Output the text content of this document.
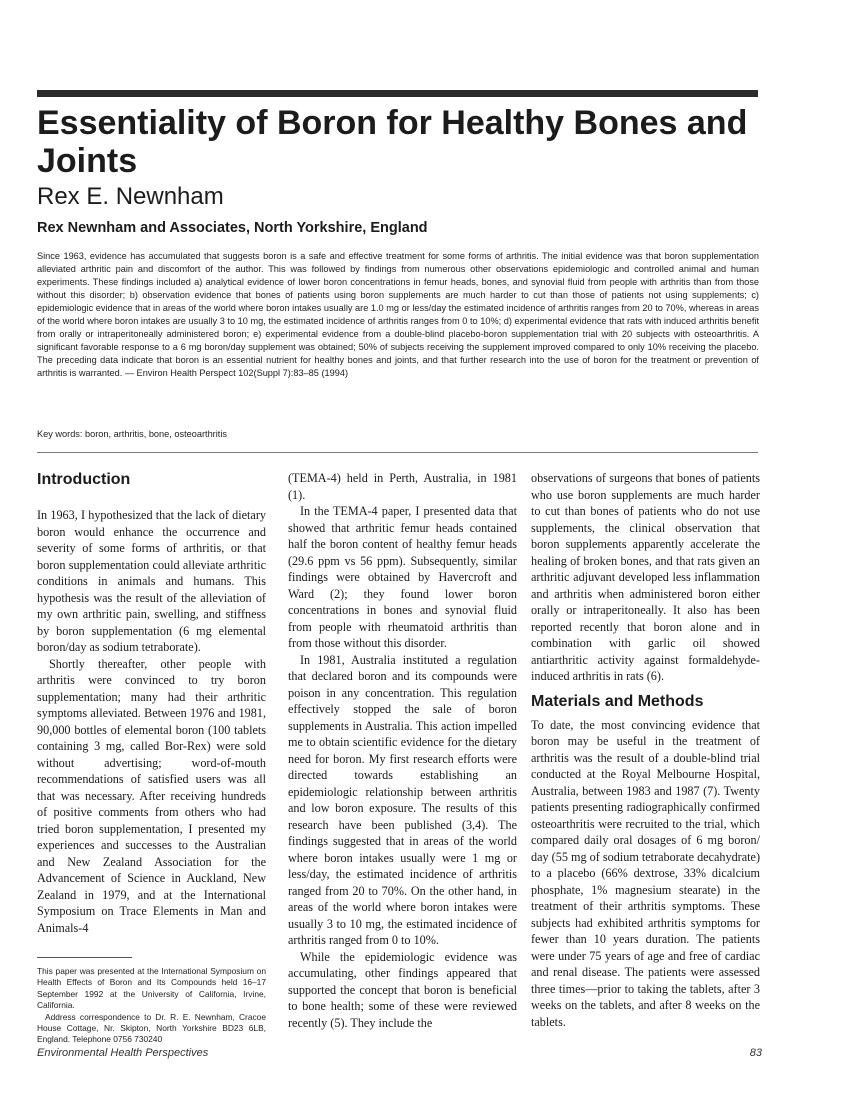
Essentiality of Boron for Healthy Bones and Joints

Rex E. Newnham

Rex Newnham and Associates, North Yorkshire, England

Since 1963, evidence has accumulated that suggests boron is a safe and effective treatment for some forms of arthritis. The initial evidence was that boron supplementation alleviated arthritic pain and discomfort of the author. This was followed by findings from numerous other observations epidemiologic and controlled animal and human experiments. These findings included a) analytical evidence of lower boron concentrations in femur heads, bones, and synovial fluid from people with arthritis than from those without this disorder; b) observation evidence that bones of patients using boron supplements are much harder to cut than those of patients not using supplements; c) epidemiologic evidence that in areas of the world where boron intakes usually are 1.0 mg or less/day the estimated incidence of arthritis ranges from 20 to 70%, whereas in areas of the world where boron intakes are usually 3 to 10 mg, the estimated incidence of arthritis ranges from 0 to 10%; d) experimental evidence that rats with induced arthritis benefit from orally or intraperitoneally administered boron; e) experimental evidence from a double-blind placebo-boron supplementation trial with 20 subjects with osteoarthritis. A significant favorable response to a 6 mg boron/day supplement was obtained; 50% of subjects receiving the supplement improved compared to only 10% receiving the placebo. The preceding data indicate that boron is an essential nutrient for healthy bones and joints, and that further research into the use of boron for the treatment or prevention of arthritis is warranted. — Environ Health Perspect 102(Suppl 7):83–85 (1994)

Key words: boron, arthritis, bone, osteoarthritis

Introduction

In 1963, I hypothesized that the lack of dietary boron would enhance the occurrence and severity of some forms of arthritis, or that boron supplementation could alleviate arthritic conditions in animals and humans. This hypothesis was the result of the alleviation of my own arthritic pain, swelling, and stiffness by boron supplementation (6 mg elemental boron/day as sodium tetraborate).

Shortly thereafter, other people with arthritis were convinced to try boron supplementation; many had their arthritic symptoms alleviated. Between 1976 and 1981, 90,000 bottles of elemental boron (100 tablets containing 3 mg, called Bor-Rex) were sold without advertising; word-of-mouth recommendations of satisfied users was all that was necessary. After receiving hundreds of positive comments from others who had tried boron supplementation, I presented my experiences and successes to the Australian and New Zealand Association for the Advancement of Science in Auckland, New Zealand in 1979, and at the International Symposium on Trace Elements in Man and Animals-4

This paper was presented at the International Symposium on Health Effects of Boron and Its Compounds held 16–17 September 1992 at the University of California, Irvine, California.

Address correspondence to Dr. R. E. Newnham, Cracoe House Cottage, Nr. Skipton, North Yorkshire BD23 6LB, England. Telephone 0756 730240

(TEMA-4) held in Perth, Australia, in 1981 (1).

In the TEMA-4 paper, I presented data that showed that arthritic femur heads contained half the boron content of healthy femur heads (29.6 ppm vs 56 ppm). Subsequently, similar findings were obtained by Havercroft and Ward (2); they found lower boron concentrations in bones and synovial fluid from people with rheumatoid arthritis than from those without this disorder.

In 1981, Australia instituted a regulation that declared boron and its compounds were poison in any concentration. This regulation effectively stopped the sale of boron supplements in Australia. This action impelled me to obtain scientific evidence for the dietary need for boron. My first research efforts were directed towards establishing an epidemiologic relationship between arthritis and low boron exposure. The results of this research have been published (3,4). The findings suggested that in areas of the world where boron intakes usually were 1 mg or less/day, the estimated incidence of arthritis ranged from 20 to 70%. On the other hand, in areas of the world where boron intakes were usually 3 to 10 mg, the estimated incidence of arthritis ranged from 0 to 10%.

While the epidemiologic evidence was accumulating, other findings appeared that supported the concept that boron is beneficial to bone health; some of these were reviewed recently (5). They include the

observations of surgeons that bones of patients who use boron supplements are much harder to cut than bones of patients who do not use supplements, the clinical observation that boron supplements apparently accelerate the healing of broken bones, and that rats given an arthritic adjuvant developed less inflammation and arthritis when administered boron either orally or intraperitoneally. It also has been reported recently that boron alone and in combination with garlic oil showed antiarthritic activity against formaldehyde-induced arthritis in rats (6).

Materials and Methods

To date, the most convincing evidence that boron may be useful in the treatment of arthritis was the result of a double-blind trial conducted at the Royal Melbourne Hospital, Australia, between 1983 and 1987 (7). Twenty patients presenting radiographically confirmed osteoarthritis were recruited to the trial, which compared daily oral dosages of 6 mg boron/ day (55 mg of sodium tetraborate decahydrate) to a placebo (66% dextrose, 33% dicalcium phosphate, 1% magnesium stearate) in the treatment of their arthritis symptoms. These subjects had exhibited arthritis symptoms for fewer than 10 years duration. The patients were under 75 years of age and free of cardiac and renal disease. The patients were assessed three times—prior to taking the tablets, after 3 weeks on the tablets, and after 8 weeks on the tablets.

Environmental Health Perspectives	83
